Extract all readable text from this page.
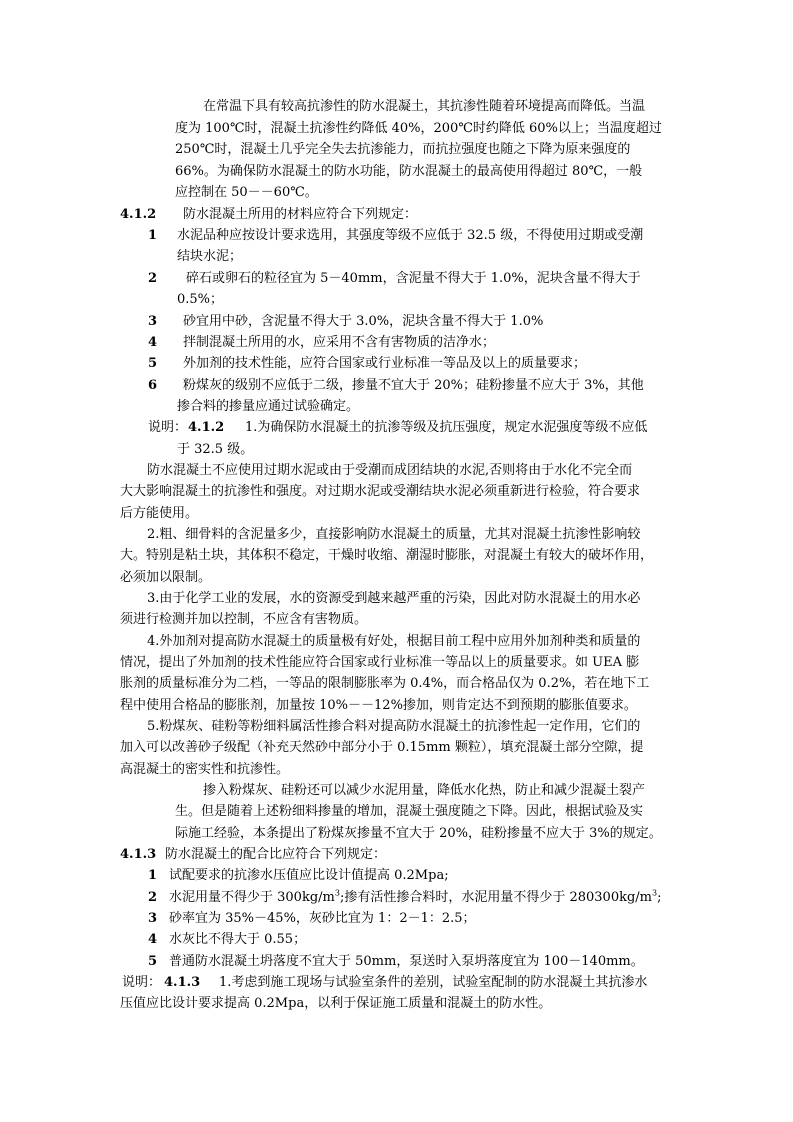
在常温下具有较高抗渗性的防水混凝土，其抗渗性随着环境提高而降低。当温
度为 100℃时，混凝土抗渗性约降低 40%，200℃时约降低 60%以上；当温度超过
250℃时，混凝土几乎完全失去抗渗能力，而抗拉强度也随之下降为原来强度的
66%。为确保防水混凝土的防水功能，防水混凝土的最高使用得超过 80℃，一般
应控制在 50－－60℃。
4.1.2 防水混凝土所用的材料应符合下列规定：
1 水泥品种应按设计要求选用，其强度等级不应低于 32.5 级，不得使用过期或受潮
结块水泥；
2 碎石或卵石的粒径宜为 5－40mm，含泥量不得大于 1.0%，泥块含量不得大于
0.5%；
3 砂宜用中砂，含泥量不得大于 3.0%，泥块含量不得大于 1.0%
4 拌制混凝土所用的水，应采用不含有害物质的洁净水；
5 外加剂的技术性能，应符合国家或行业标准一等品及以上的质量要求；
6 粉煤灰的级别不应低于二级，掺量不宜大于 20%；硅粉掺量不应大于 3%，其他
掺合料的掺量应通过试验确定。
说明： 4.1.2 1.为确保防水混凝土的抗渗等级及抗压强度，规定水泥强度等级不应低
于 32.5 级。
防水混凝土不应使用过期水泥或由于受潮而成团结块的水泥,否则将由于水化不完全而
大大影响混凝土的抗渗性和强度。对过期水泥或受潮结块水泥必须重新进行检验，符合要求
后方能使用。
2.粗、细骨料的含泥量多少，直接影响防水混凝土的质量，尤其对混凝土抗渗性影响较
大。特别是粘土块，其体积不稳定，干燥时收缩、潮湿时膨胀，对混凝土有较大的破坏作用，
必须加以限制。
3.由于化学工业的发展，水的资源受到越来越严重的污染，因此对防水混凝土的用水必
须进行检测并加以控制，不应含有害物质。
4.外加剂对提高防水混凝土的质量极有好处，根据目前工程中应用外加剂种类和质量的
情况，提出了外加剂的技术性能应符合国家或行业标准一等品以上的质量要求。如 UEA 膨
胀剂的质量标准分为二档，一等品的限制膨胀率为 0.4%，而合格品仅为 0.2%，若在地下工
程中使用合格品的膨胀剂，加量按 10%－－12%掺加，则肯定达不到预期的膨胀值要求。
5.粉煤灰、硅粉等粉细料属活性掺合料对提高防水混凝土的抗渗性起一定作用，它们的
加入可以改善砂子级配（补充天然砂中部分小于 0.15mm 颗粒），填充混凝土部分空隙，提
高混凝土的密实性和抗渗性。
掺入粉煤灰、硅粉还可以减少水泥用量，降低水化热，防止和减少混凝土裂产
生。但是随着上述粉细料掺量的增加，混凝土强度随之下降。因此，根据试验及实
际施工经验，本条提出了粉煤灰掺量不宜大于 20%，硅粉掺量不应大于 3%的规定。
4.1.3 防水混凝土的配合比应符合下列规定：
1 试配要求的抗渗水压值应比设计值提高 0.2Mpa;
2 水泥用量不得少于 $300kg/m^3$;掺有活性掺合料时，水泥用量不得少于 $280300kg/m^3$;
3 砂率宜为 35%－45%，灰砂比宜为 1：2－1：2.5；
4 水灰比不得大于 0.55；
5 普通防水混凝土坍落度不宜大于 50mm，泵送时入泵坍落度宜为 100－140mm。
说明： 4.1.3 1.考虑到施工现场与试验室条件的差别，试验室配制的防水混凝土其抗渗水
压值应比设计要求提高 0.2Mpa，以利于保证施工质量和混凝土的防水性。
